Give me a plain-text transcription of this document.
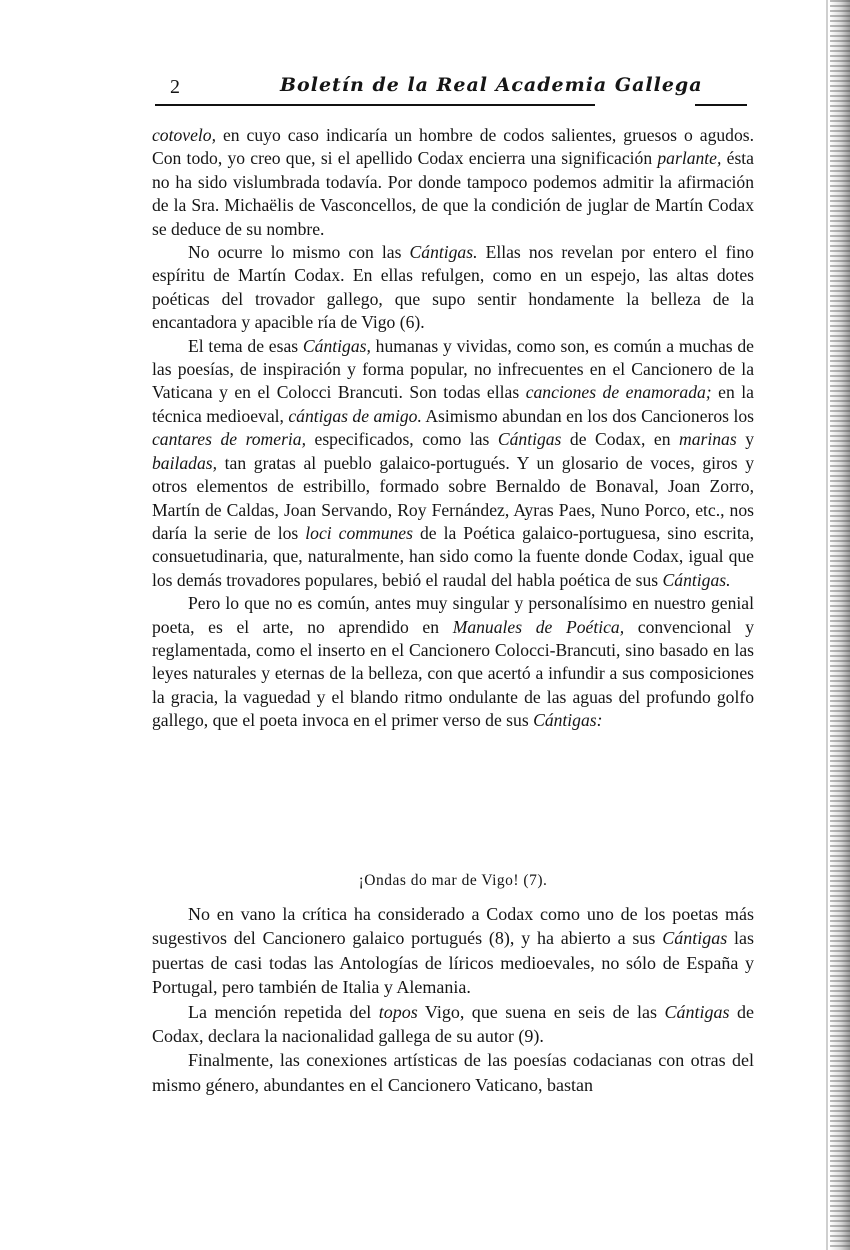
2	Boletín de la Real Academia Gallega

cotovelo, en cuyo caso indicaría un hombre de codos salientes, gruesos o agudos. Con todo, yo creo que, si el apellido Codax encierra una significación parlante, ésta no ha sido vislumbrada todavía. Por donde tampoco podemos admitir la afirmación de la Sra. Michaëlis de Vasconcellos, de que la condición de juglar de Martín Codax se deduce de su nombre.

No ocurre lo mismo con las Cántigas. Ellas nos revelan por entero el fino espíritu de Martín Codax. En ellas refulgen, como en un espejo, las altas dotes poéticas del trovador gallego, que supo sentir hondamente la belleza de la encantadora y apacible ría de Vigo (6).

El tema de esas Cántigas, humanas y vividas, como son, es común a muchas de las poesías, de inspiración y forma popular, no infrecuentes en el Cancionero de la Vaticana y en el Colocci Brancuti. Son todas ellas canciones de enamorada; en la técnica medioeval, cántigas de amigo. Asimismo abundan en los dos Cancioneros los cantares de romeria, especificados, como las Cántigas de Codax, en marinas y bailadas, tan gratas al pueblo galaico-portugués. Y un glosario de voces, giros y otros elementos de estribillo, formado sobre Bernaldo de Bonaval, Joan Zorro, Martín de Caldas, Joan Servando, Roy Fernández, Ayras Paes, Nuno Porco, etc., nos daría la serie de los loci communes de la Poética galaico-portuguesa, sino escrita, consuetudinaria, que, naturalmente, han sido como la fuente donde Codax, igual que los demás trovadores populares, bebió el raudal del habla poética de sus Cántigas.

Pero lo que no es común, antes muy singular y personalísimo en nuestro genial poeta, es el arte, no aprendido en Manuales de Poética, convencional y reglamentada, como el inserto en el Cancionero Colocci-Brancuti, sino basado en las leyes naturales y eternas de la belleza, con que acertó a infundir a sus composiciones la gracia, la vaguedad y el blando ritmo ondulante de las aguas del profundo golfo gallego, que el poeta invoca en el primer verso de sus Cántigas:

¡Ondas do mar de Vigo! (7).

No en vano la crítica ha considerado a Codax como uno de los poetas más sugestivos del Cancionero galaico portugués (8), y ha abierto a sus Cántigas las puertas de casi todas las Antologías de líricos medioevales, no sólo de España y Portugal, pero también de Italia y Alemania.

La mención repetida del topos Vigo, que suena en seis de las Cántigas de Codax, declara la nacionalidad gallega de su autor (9).

Finalmente, las conexiones artísticas de las poesías codacianas con otras del mismo género, abundantes en el Cancionero Vaticano, bastan
